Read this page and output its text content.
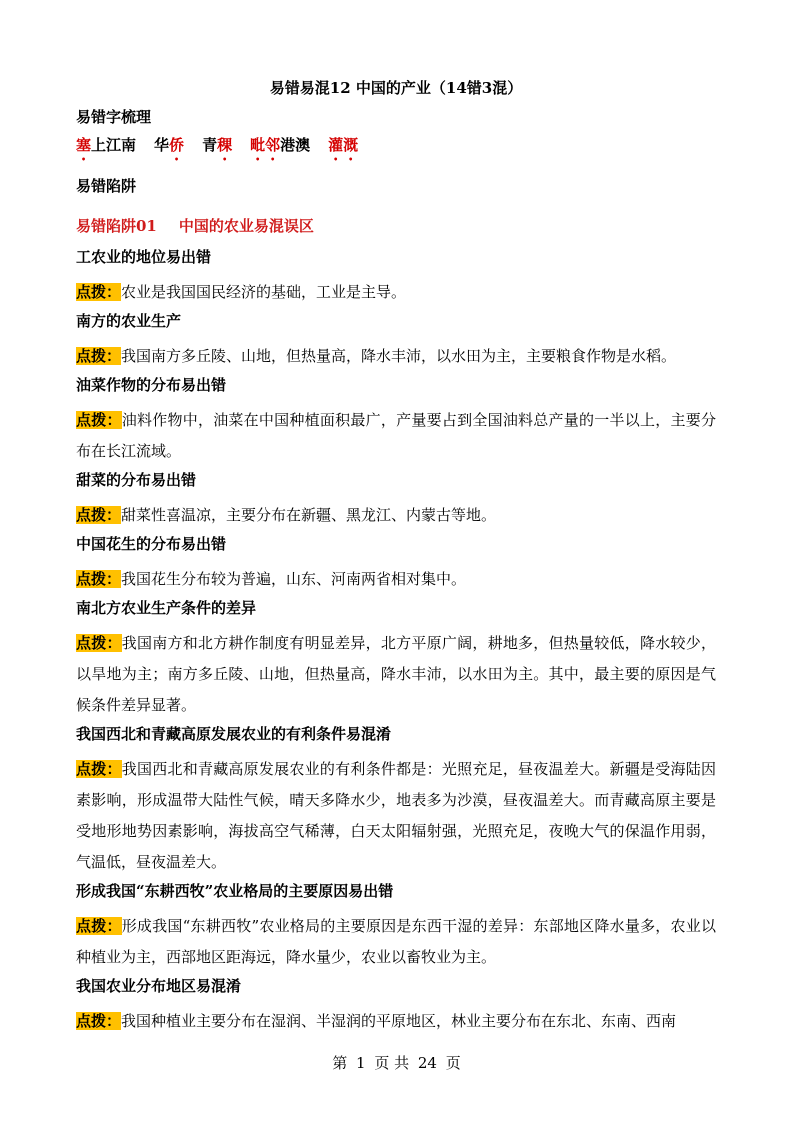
易错易混12 中国的产业（14错3混）
易错字梳理
塞上江南 华侨 青稞 毗邻港澳 灌溉
易错陷阱
易错陷阱01 中国的农业易混误区
工农业的地位易出错
点拨：农业是我国国民经济的基础，工业是主导。
南方的农业生产
点拨：我国南方多丘陵、山地，但热量高，降水丰沛，以水田为主，主要粮食作物是水稻。
油菜作物的分布易出错
点拨：油料作物中，油菜在中国种植面积最广，产量要占到全国油料总产量的一半以上，主要分布在长江流域。
甜菜的分布易出错
点拨：甜菜性喜温凉，主要分布在新疆、黑龙江、内蒙古等地。
中国花生的分布易出错
点拨：我国花生分布较为普遍，山东、河南两省相对集中。
南北方农业生产条件的差异
点拨：我国南方和北方耕作制度有明显差异，北方平原广阔，耕地多，但热量较低，降水较少，以旱地为主；南方多丘陵、山地，但热量高，降水丰沛，以水田为主。其中，最主要的原因是气候条件差异显著。
我国西北和青藏高原发展农业的有利条件易混淆
点拨：我国西北和青藏高原发展农业的有利条件都是：光照充足，昼夜温差大。新疆是受海陆因素影响，形成温带大陆性气候，晴天多降水少，地表多为沙漠，昼夜温差大。而青藏高原主要是受地形地势因素影响，海拔高空气稀薄，白天太阳辐射强，光照充足，夜晚大气的保温作用弱，气温低，昼夜温差大。
形成我国“东耕西牧”农业格局的主要原因易出错
点拨：形成我国“东耕西牧”农业格局的主要原因是东西干湿的差异：东部地区降水量多，农业以种植业为主，西部地区距海远，降水量少，农业以畜牧业为主。
我国农业分布地区易混淆
点拨：我国种植业主要分布在湿润、半湿润的平原地区，林业主要分布在东北、东南、西南
第 1 页 共 24 页
